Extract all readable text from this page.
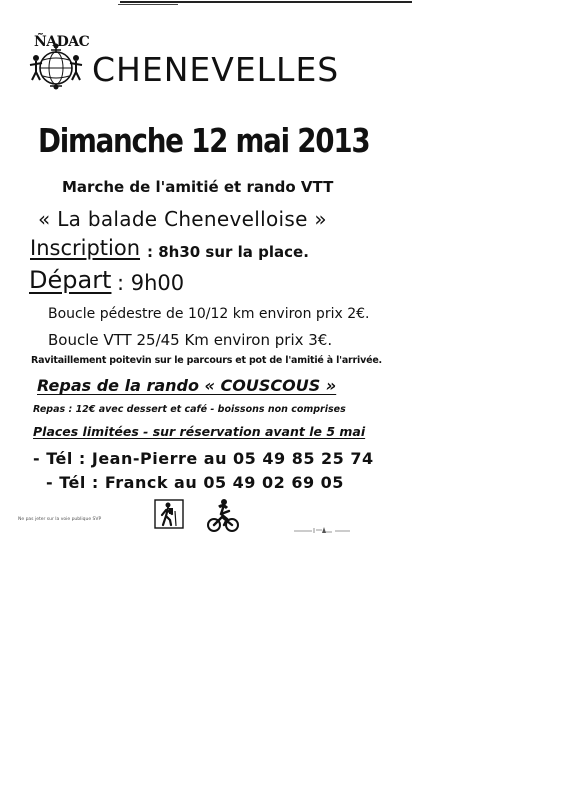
ÑADAC
CHENEVELLES
Dimanche 12 mai 2013
Marche de l'amitié et rando VTT
« La balade Chenevelloise »
Inscription : 8h30 sur la place.
Départ : 9h00
Boucle pédestre de 10/12 km environ prix 2€.
Boucle VTT 25/45 Km environ prix 3€.
Ravitaillement poitevin sur le parcours et pot de l'amitié à l'arrivée.
Repas de la rando « COUSCOUS »
Repas : 12€ avec dessert et café - boissons non comprises
Places limitées - sur réservation avant le 5 mai
- Tél : Jean-Pierre au 05 49 85 25 74
- Tél : Franck au 05 49 02 69 05
Ne pas jeter sur la voie publique SVP
